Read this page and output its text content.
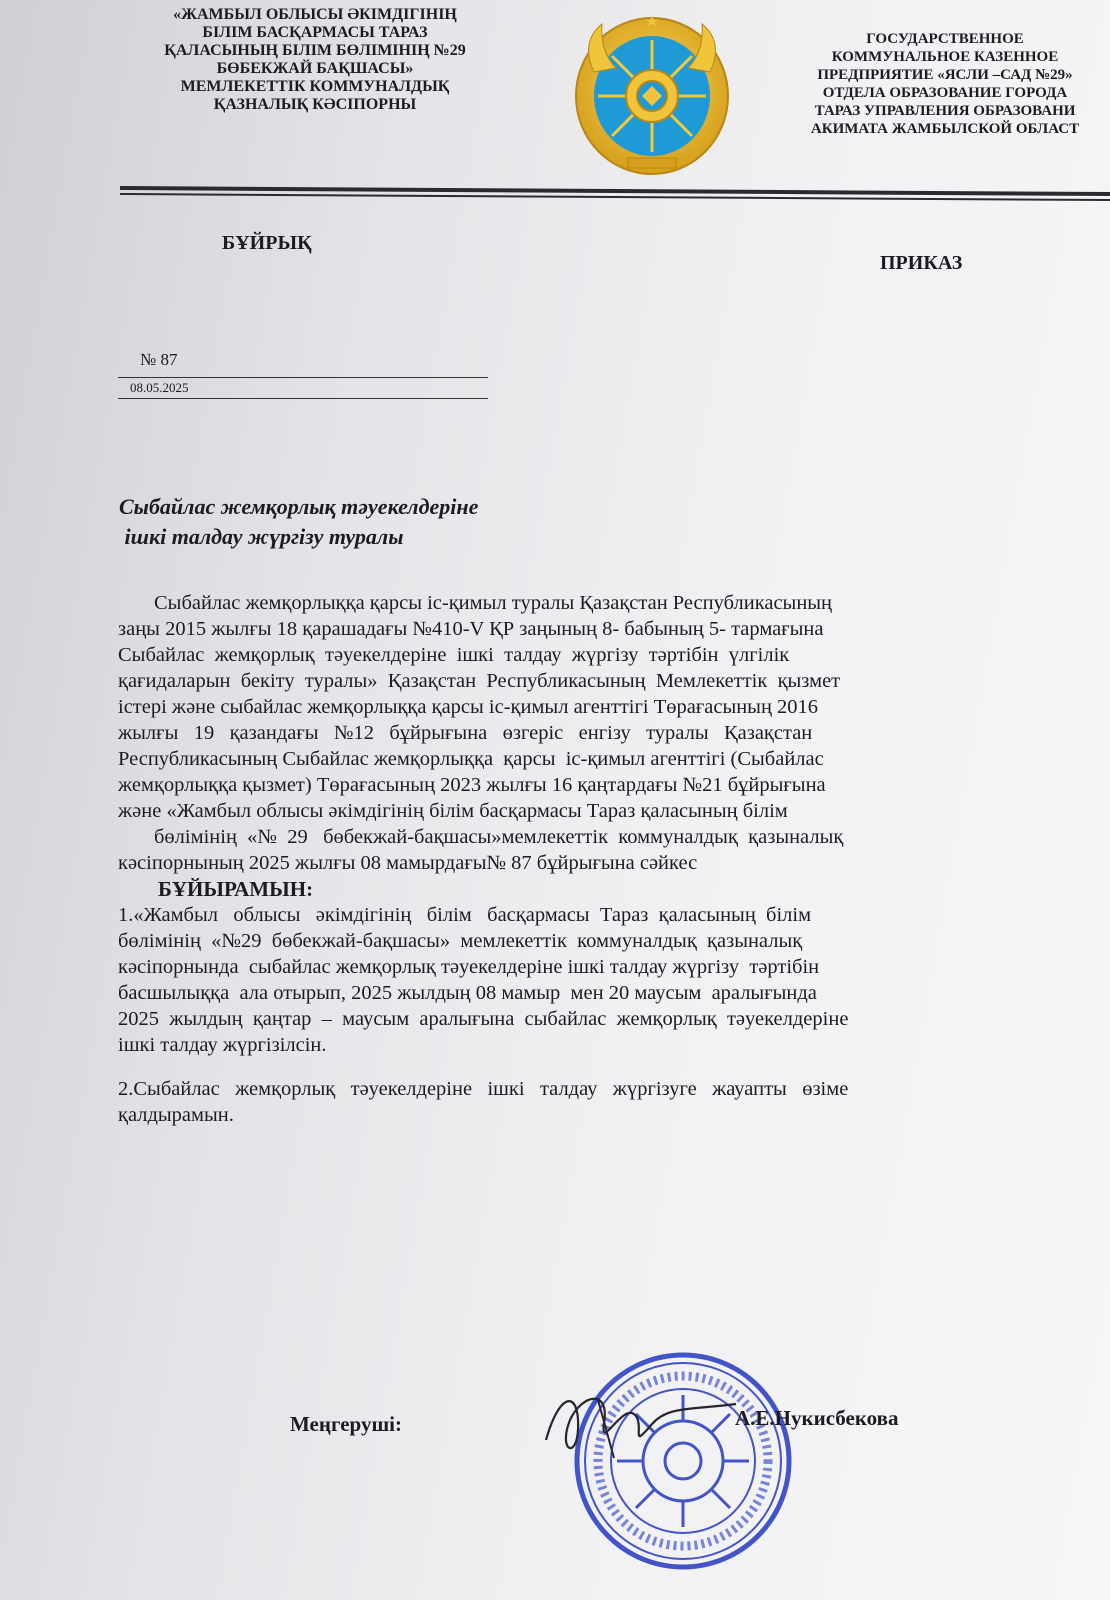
«ЖАМБЫЛ ОБЛЫСЫ ӘКІМДІГІНІҢ
БІЛІМ БАСҚАРМАСЫ ТАРАЗ
ҚАЛАСЫНЫҢ БІЛІМ БӨЛІМІНІҢ №29
БӨБЕКЖАЙ БАҚШАСЫ»
МЕМЛЕКЕТТІК КОММУНАЛДЫҚ
ҚАЗНАЛЫҚ КӘСІПОРНЫ
ГОСУДАРСТВЕННОЕ
КОММУНАЛЬНОЕ КАЗЕННОЕ
ПРЕДПРИЯТИЕ «ЯСЛИ –САД №29»
ОТДЕЛА ОБРАЗОВАНИЕ ГОРОДА
ТАРАЗ УПРАВЛЕНИЯ ОБРАЗОВАНИ
АКИМАТА ЖАМБЫЛСКОЙ ОБЛАСТ
БҰЙРЫҚ
ПРИКАЗ
№ 87
08.05.2025
Сыбайлас жемқорлық тәуекелдеріне
ішкі талдау жүргізу туралы
Сыбайлас жемқорлыққа қарсы іс-қимыл туралы Қазақстан Республикасының
заңы 2015 жылғы 18 қарашадағы №410-V ҚР заңының 8- бабының 5- тармағына
Сыбайлас  жемқорлық  тәуекелдеріне  ішкі  талдау  жүргізу  тәртібін  үлгілік
қағидаларын  бекіту  туралы»  Қазақстан  Республикасының  Мемлекеттік  қызмет
істері және сыбайлас жемқорлыққа қарсы іс-қимыл агенттігі Төрағасының 2016
жылғы   19   қазандағы   №12   бұйрығына   өзгеріс   енгізу   туралы   Қазақстан
Республикасының Сыбайлас жемқорлыққа  қарсы  іс-қимыл агенттігі (Сыбайлас
жемқорлыққа қызмет) Төрағасының 2023 жылғы 16 қаңтардағы №21 бұйрығына
және «Жамбыл облысы әкімдігінің білім басқармасы Тараз қаласының білім
бөлімінің  «№  29   бөбекжай-бақшасы»мемлекеттік  коммуналдық  қазыналық
кәсіпорнының 2025 жылғы 08 мамырдағы№ 87 бұйрығына сәйкес
БҰЙЫРАМЫН:
1.«Жамбыл   облысы   әкімдігінің   білім   басқармасы  Тараз  қаласының  білім
бөлімінің  «№29  бөбекжай-бақшасы»  мемлекеттік  коммуналдық  қазыналық
кәсіпорнында  сыбайлас жемқорлық тәуекелдеріне ішкі талдау жүргізу  тәртібін
басшылыққа  ала отырып, 2025 жылдың 08 мамыр  мен 20 маусым  аралығында
2025  жылдың  қаңтар  –  маусым  аралығына  сыбайлас  жемқорлық  тәуекелдеріне
ішкі талдау жүргізілсін.
2.Сыбайлас   жемқорлық   тәуекелдеріне   ішкі   талдау   жүргізуге   жауапты   өзіме
қалдырамын.
Меңгеруші:	А.Е.Нукисбекова
